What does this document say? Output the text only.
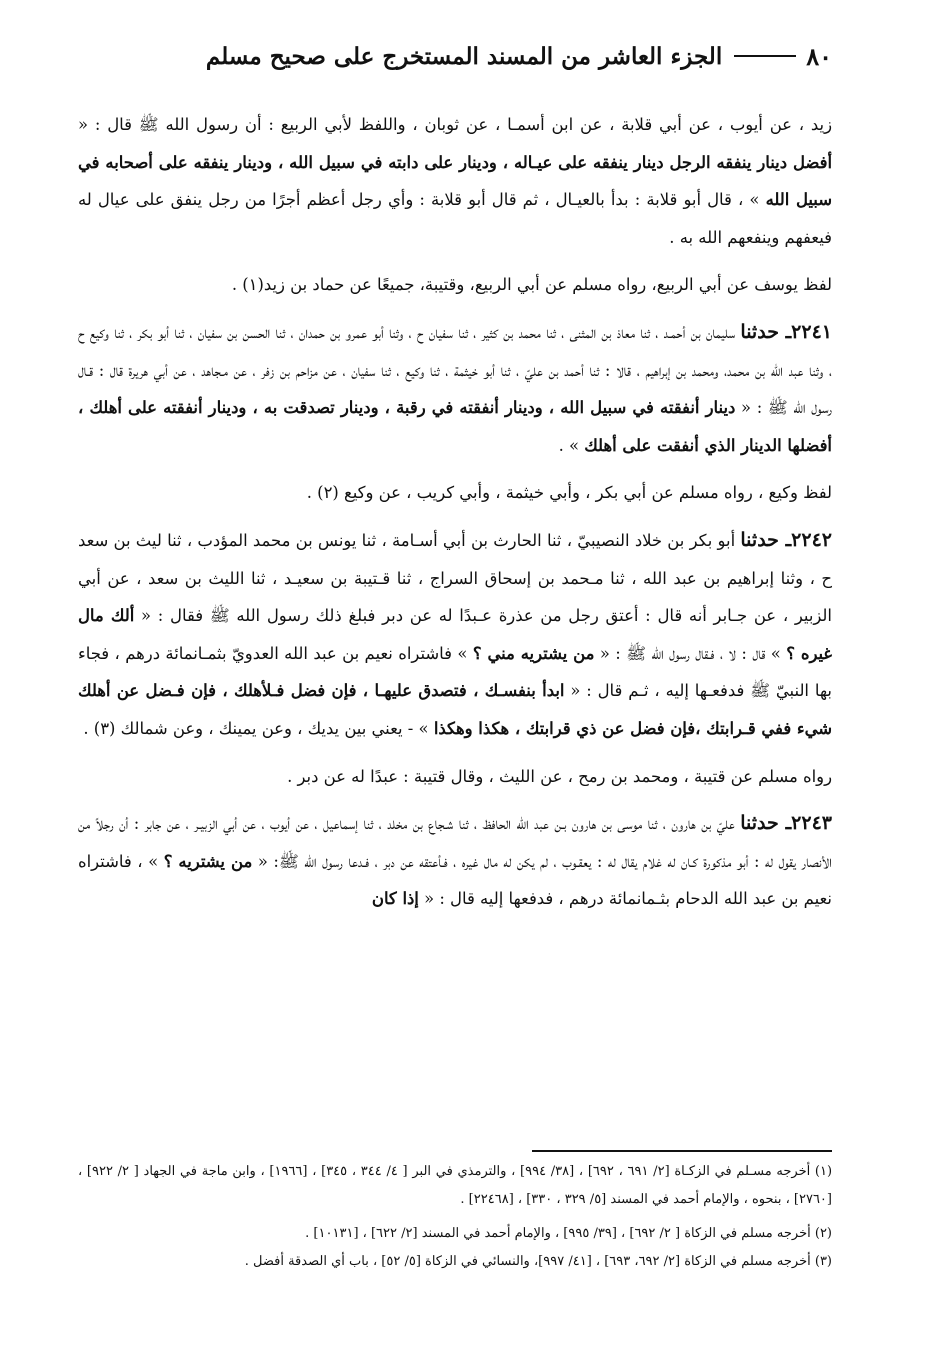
٨٠
الجزء العاشر من المسند المستخرج على صحيح مسلم

زيد ، عن أيوب ، عن أبي قلابة ، عن ابن أسمـا ، عن ثوبان ، واللفظ لأبي الربيع : أن رسول الله ﷺ قال : « أفضل دينار ينفقه الرجل دينار ينفقه على عيـاله ، ودينار على دابته في سبيل الله ، ودينار ينفقه على أصحابه في سبيل الله » ، قال أبو قلابة : بدأ بالعيـال ، ثم قال أبو قلابة : وأي رجل أعظم أجرًا من رجل ينفق على عيال له فيعفهم وينفعهم الله به .

لفظ يوسف عن أبي الربيع، رواه مسلم عن أبي الربيع، وقتيبة، جميعًا عن حماد بن زيد(١) .

٢٢٤١ـ حدثنا سليمان بن أحمـد ، ثنا معاذ بن المثنى ، ثنا محمد بن كثير ، ثنا سفيان ح ، وثنا أبو عمرو بن حمدان ، ثنا الحسن بن سفيان ، ثنا أبو بكر ، ثنا وكيع ح ، وثنا عبد الله بن محمد، ومحمد بن إبراهيم ، قالا : ثنا أحمد بن عليّ ، ثنا أبو خيثمة ، ثنا وكيع ، ثنا سفيان ، عن مزاحم بن زفر ، عن مـجاهد ، عن أبي هريرة قال : قـال رسول الله ﷺ : « دينار أنفقته في سبيل الله ، ودينار أنفقته في رقبة ، ودينار تصدقت به ، ودينار أنفقته على أهلك ، أفضلها الدينار الذي أنفقت على أهلك » .

لفظ وكيع ، رواه مسلم عن أبي بكر ، وأبي خيثمة ، وأبي كريب ، عن وكيع (٢) .

٢٢٤٢ـ حدثنا أبو بكر بن خلاد النصيبيّ ، ثنا الحارث بن أبي أسـامة ، ثنا يونس بن محمد المؤدب ، ثنا ليث بن سعد ح ، وثنا إبراهيم بن عبد الله ، ثنا مـحمد بن إسحاق السراج ، ثنا قـتيبة بن سعيـد ، ثنا الليث بن سعد ، عن أبي الزبير ، عن جـابر أنه قال : أعتق رجل من عذرة عـبدًا له عن دبر فبلغ ذلك رسول الله ﷺ فقال : « ألك مال غيره ؟ » قال : لا ، فـقال رسول الله ﷺ : « من يشتريه مني ؟ » فاشتراه نعيم بن عبد الله العدويّ بثمـانمائة درهم ، فجاء بها النبيّ ﷺ فدفعـها إليه ، ثـم قال : « ابدأ بنفسـك ، فتصدق عليهـا ، فإن فضل فـلأهلك ، فإن فـضل عن أهلك شيء ففي قـرابتك ،فإن فضل عن ذي قرابتك ، هكذا وهكذا » - يعني بين يديك ، وعن يمينك ، وعن شمالك (٣) .

رواه مسلم عن قتيبة ، ومحمد بن رمح ، عن الليث ، وقال قتيبة : عبدًا له عن دبر .

٢٢٤٣ـ حدثنا عليّ بن هارون ، ثنا موسى بن هارون بـن عبد الله الحافظ ، ثنا شـجاع بن مخلد ، ثنا إسماعيل ، عن أيوب ، عن أبي الزبيـر ، عن جابر : أن رجلاً من الأنصار يقول له : أبو مذكورة كـان له غلام يقال له : يعقـوب ، لم يكن له مال غيره ، فـأعتقه عن دبر ، فـدعا رسول الله ﷺ: « من يشتريه ؟ » ، فاشتراه نعيم بن عبد الله الدحام بثـمانمائة درهم ، فدفعها إليه قال : « إذا كان

(١) أخرجه مسـلم في الزكـاة [٢/ ٦٩١ ، ٦٩٢] ، [٣٨/ ٩٩٤] ، والترمذي في البر [ ٤/ ٣٤٤ ، ٣٤٥] ، [١٩٦٦] ، وابن ماجة في الجهاد [ ٢/ ٩٢٢] ، [٢٧٦٠] ، بنحوه ، والإمام أحمد في المسند [٥/ ٣٢٩ ، ٣٣٠] ، [٢٢٤٦٨] .

(٢) أخرجه مسلم في الزكاة [ ٢/ ٦٩٢] ، [٣٩/ ٩٩٥] ، والإمام أحمد في المسند [٢/ ٦٢٢] ، [١٠١٣١] .

(٣) أخرجه مسلم في الزكاة [٢/ ٦٩٢، ٦٩٣] ، [٤١/ ٩٩٧]، والنسائي في الزكاة [٥/ ٥٢] ، باب أي الصدقة أفضل .
